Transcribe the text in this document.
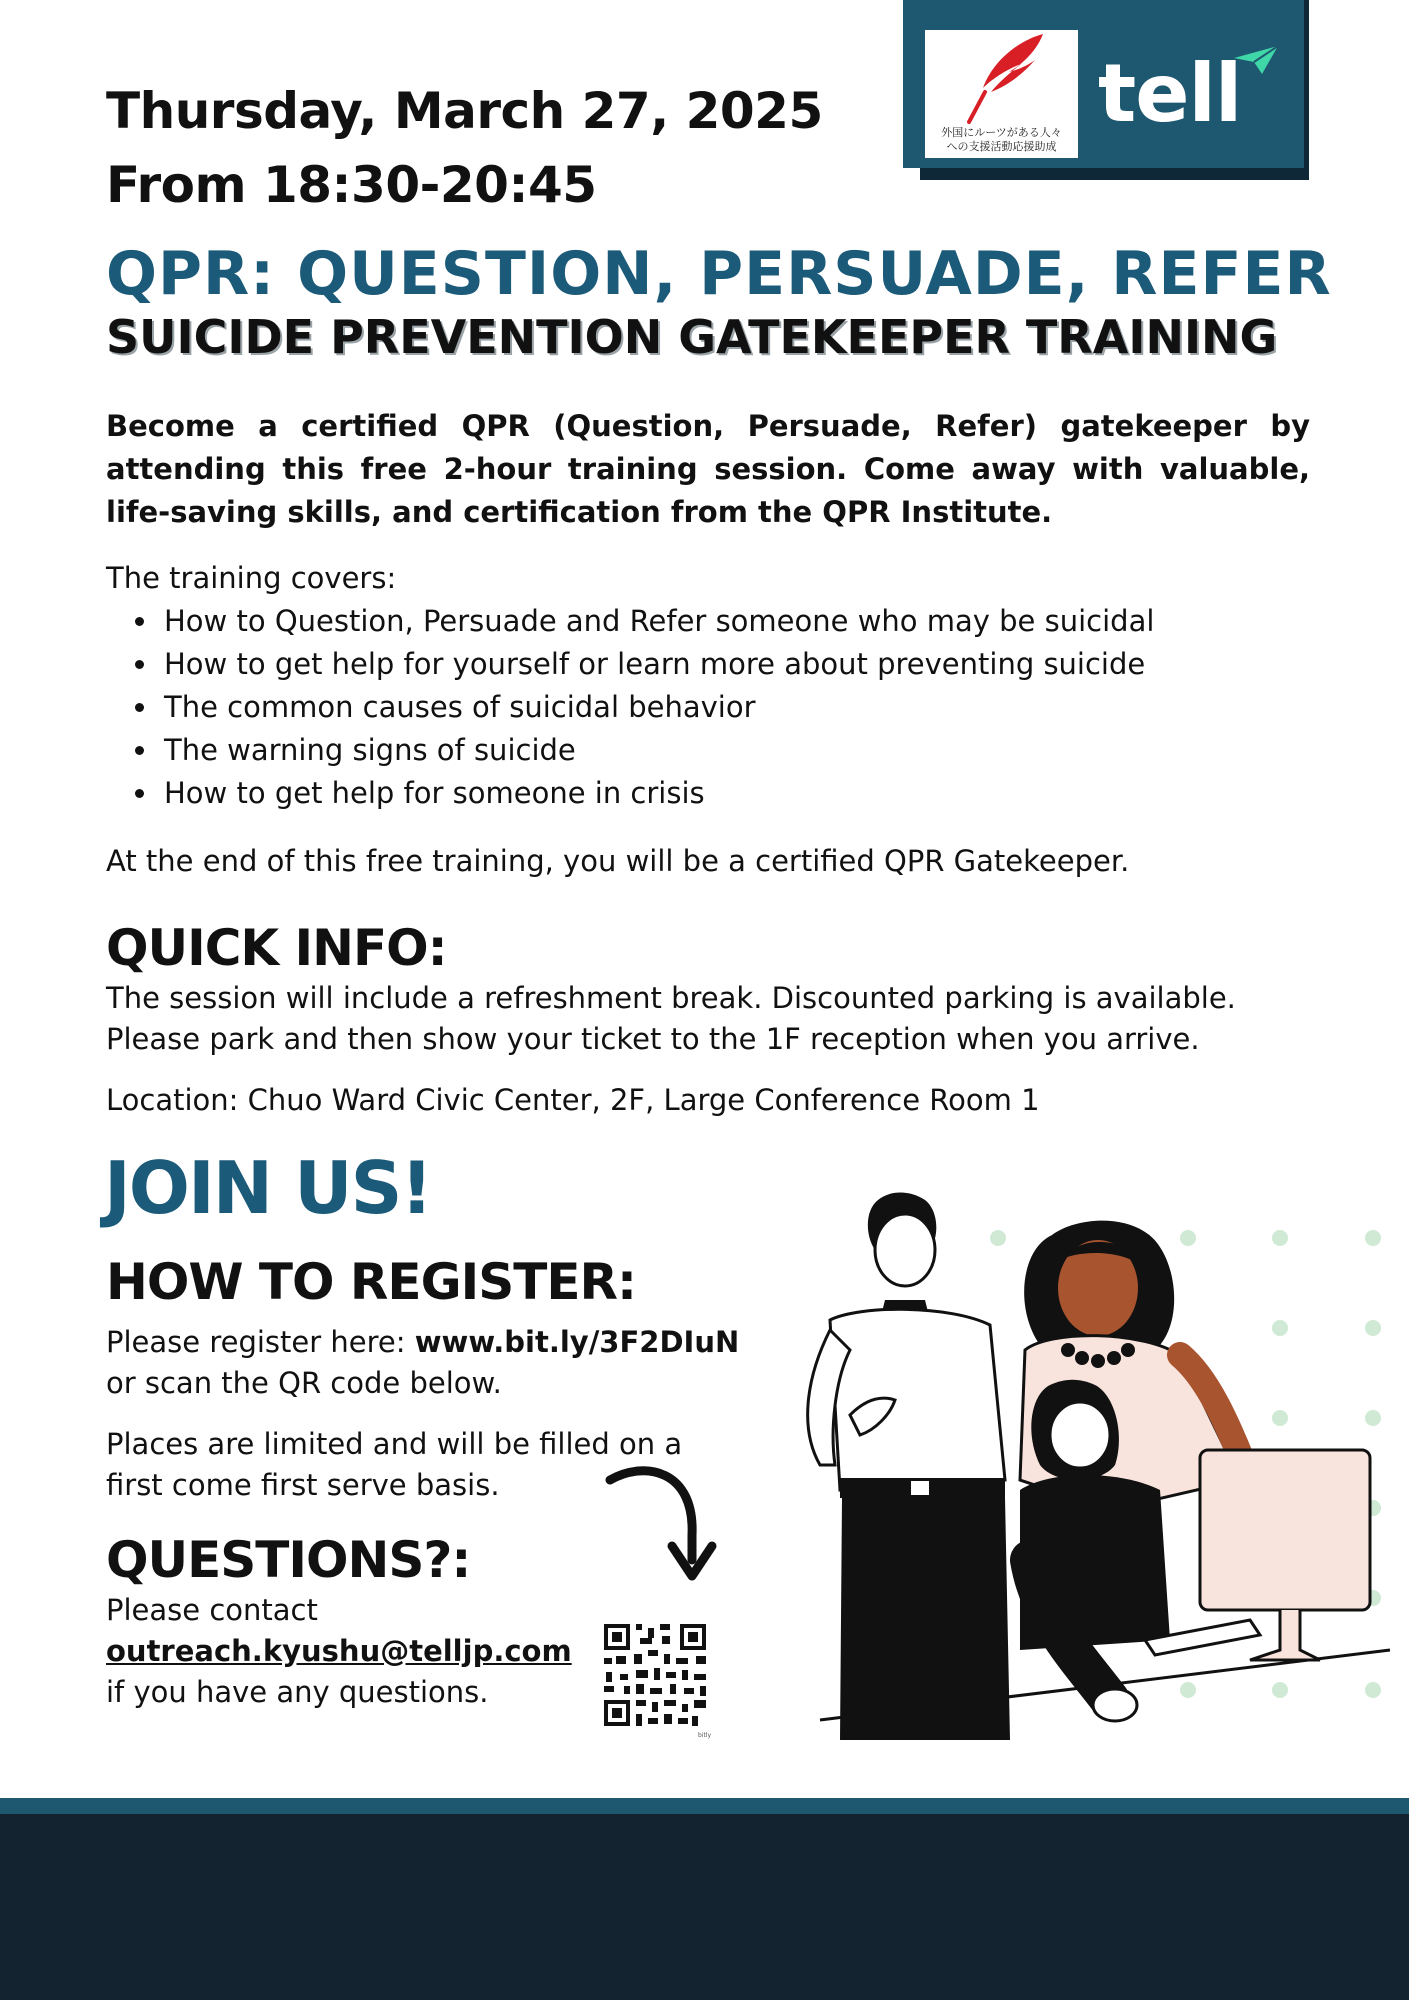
外国にルーツがある人々
への支援活動応援助成
tell
Thursday, March 27, 2025
From 18:30-20:45
QPR: QUESTION, PERSUADE, REFER
SUICIDE PREVENTION GATEKEEPER TRAINING
Become a certified QPR (Question, Persuade, Refer) gatekeeper by attending this free 2-hour training session. Come away with valuable, life-saving skills, and certification from the QPR Institute.
The training covers:
• How to Question, Persuade and Refer someone who may be suicidal
• How to get help for yourself or learn more about preventing suicide
• The common causes of suicidal behavior
• The warning signs of suicide
• How to get help for someone in crisis
At the end of this free training, you will be a certified QPR Gatekeeper.
QUICK INFO:
The session will include a refreshment break. Discounted parking is available.
Please park and then show your ticket to the 1F reception when you arrive.
Location: Chuo Ward Civic Center, 2F, Large Conference Room 1
JOIN US!
HOW TO REGISTER:
Please register here: www.bit.ly/3F2DIuN
or scan the QR code below.
Places are limited and will be filled on a
first come first serve basis.
QUESTIONS?:
Please contact
outreach.kyushu@telljp.com
if you have any questions.
bitly
